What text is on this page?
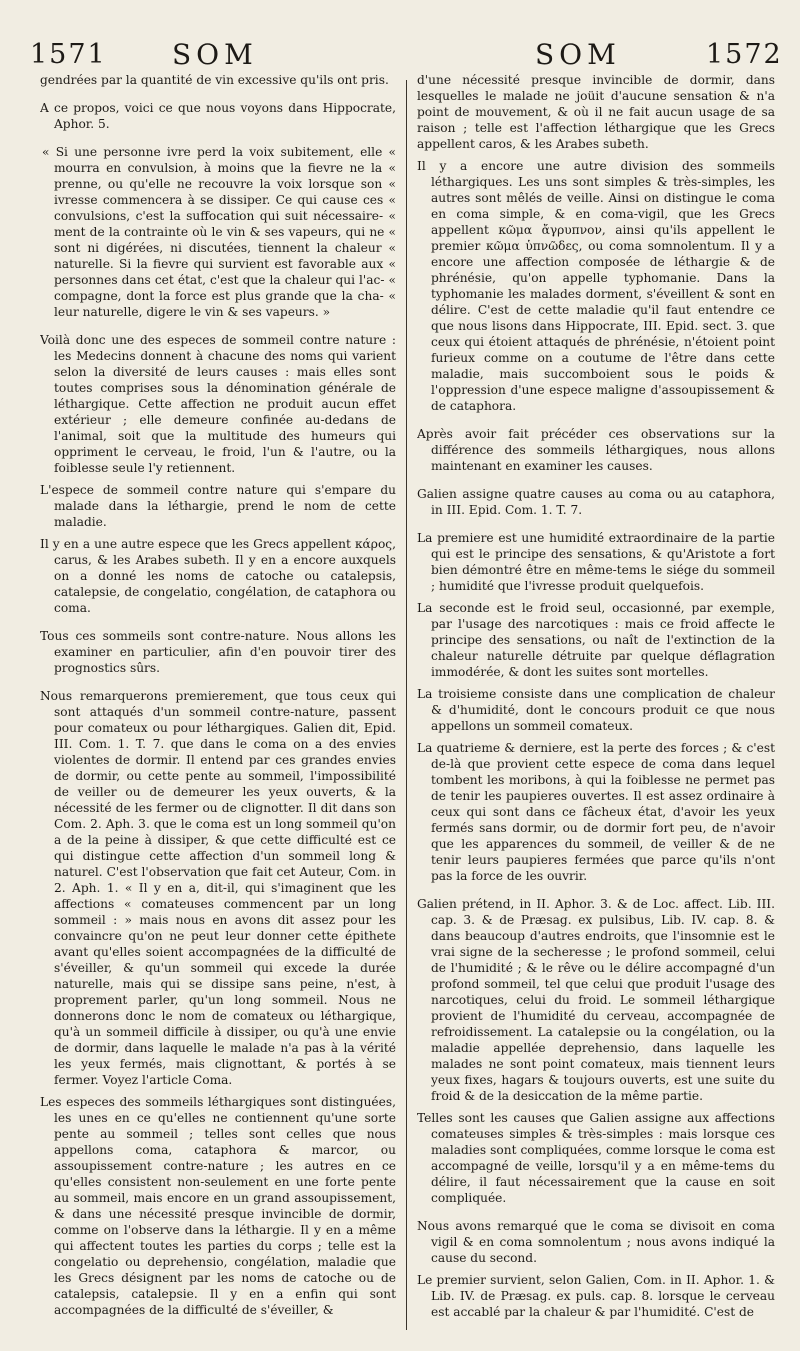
1571 SOM	SOM	1572

gendrées par la quantité de vin excessive qu'ils ont pris.

A ce propos, voici ce que nous voyons dans Hippocrate, Aphor. 5.

« Si une personne ivre perd la voix subitement, elle « mourra en convulsion, à moins que la fievre ne la « prenne, ou qu'elle ne recouvre la voix lorsque son « ivresse commencera à se dissiper. Ce qui cause ces « convulsions, c'est la suffocation qui suit nécessaire- « ment de la contrainte où le vin & ses vapeurs, qui ne « sont ni digérées, ni discutées, tiennent la chaleur « naturelle. Si la fievre qui survient est favorable aux « personnes dans cet état, c'est que la chaleur qui l'ac- « compagne, dont la force est plus grande que la cha- « leur naturelle, digere le vin & ses vapeurs. »

Voilà donc une des especes de sommeil contre nature : les Medecins donnent à chacune des noms qui varient selon la diversité de leurs causes : mais elles sont toutes comprises sous la dénomination générale de léthargique. Cette affection ne produit aucun effet extérieur ; elle demeure confinée au-dedans de l'animal, soit que la multitude des humeurs qui oppriment le cerveau, le froid, l'un & l'autre, ou la foiblesse seule l'y retiennent.

L'espece de sommeil contre nature qui s'empare du malade dans la léthargie, prend le nom de cette maladie.

Il y en a une autre espece que les Grecs appellent κάρος, carus, & les Arabes subeth. Il y en a encore auxquels on a donné les noms de catoche ou catalepsis, catalepsie, de congelatio, congélation, de cataphora ou coma.

Tous ces sommeils sont contre-nature. Nous allons les examiner en particulier, afin d'en pouvoir tirer des prognostics sûrs.

Nous remarquerons premierement, que tous ceux qui sont attaqués d'un sommeil contre-nature, passent pour comateux ou pour léthargiques. Galien dit, Epid. III. Com. 1. T. 7. que dans le coma on a des envies violentes de dormir. Il entend par ces grandes envies de dormir, ou cette pente au sommeil, l'impossibilité de veiller ou de demeurer les yeux ouverts, & la nécessité de les fermer ou de clignotter. Il dit dans son Com. 2. Aph. 3. que le coma est un long sommeil qu'on a de la peine à dissiper, & que cette difficulté est ce qui distingue cette affection d'un sommeil long & naturel. C'est l'observation que fait cet Auteur, Com. in 2. Aph. 1. « Il y en a, dit-il, qui s'imaginent que les affections « comateuses commencent par un long sommeil : » mais nous en avons dit assez pour les convaincre qu'on ne peut leur donner cette épithete avant qu'elles soient accompagnées de la difficulté de s'éveiller, & qu'un sommeil qui excede la durée naturelle, mais qui se dissipe sans peine, n'est, à proprement parler, qu'un long sommeil. Nous ne donnerons donc le nom de comateux ou léthargique, qu'à un sommeil difficile à dissiper, ou qu'à une envie de dormir, dans laquelle le malade n'a pas à la vérité les yeux fermés, mais clignottant, & portés à se fermer. Voyez l'article Coma.

Les especes des sommeils léthargiques sont distinguées, les unes en ce qu'elles ne contiennent qu'une sorte pente au sommeil ; telles sont celles que nous appellons coma, cataphora & marcor, ou assoupissement contre-nature ; les autres en ce qu'elles consistent non-seulement en une forte pente au sommeil, mais encore en un grand assoupissement, & dans une nécessité presque invincible de dormir, comme on l'observe dans la léthargie. Il y en a même qui affectent toutes les parties du corps ; telle est la congelatio ou deprehensio, congélation, maladie que les Grecs désignent par les noms de catoche ou de catalepsis, catalepsie. Il y en a enfin qui sont accompagnées de la difficulté de s'éveiller, &

d'une nécessité presque invincible de dormir, dans lesquelles le malade ne joüit d'aucune sensation & n'a point de mouvement, & où il ne fait aucun usage de sa raison ; telle est l'affection léthargique que les Grecs appellent caros, & les Arabes subeth.

Il y a encore une autre division des sommeils léthargiques. Les uns sont simples & très-simples, les autres sont mêlés de veille. Ainsi on distingue le coma en coma simple, & en coma-vigil, que les Grecs appellent κῶμα ἄγρυπνον, ainsi qu'ils appellent le premier κῶμα ὑπνῶδες, ou coma somnolentum. Il y a encore une affection composée de léthargie & de phrénésie, qu'on appelle typhomanie. Dans la typhomanie les malades dorment, s'éveillent & sont en délire. C'est de cette maladie qu'il faut entendre ce que nous lisons dans Hippocrate, III. Epid. sect. 3. que ceux qui étoient attaqués de phrénésie, n'étoient point furieux comme on a coutume de l'être dans cette maladie, mais succomboient sous le poids & l'oppression d'une espece maligne d'assoupissement & de cataphora.

Après avoir fait précéder ces observations sur la différence des sommeils léthargiques, nous allons maintenant en examiner les causes.

Galien assigne quatre causes au coma ou au cataphora, in III. Epid. Com. 1. T. 7.

La premiere est une humidité extraordinaire de la partie qui est le principe des sensations, & qu'Aristote a fort bien démontré être en même-tems le siége du sommeil ; humidité que l'ivresse produit quelquefois.

La seconde est le froid seul, occasionné, par exemple, par l'usage des narcotiques : mais ce froid affecte le principe des sensations, ou naît de l'extinction de la chaleur naturelle détruite par quelque déflagration immodérée, & dont les suites sont mortelles.

La troisieme consiste dans une complication de chaleur & d'humidité, dont le concours produit ce que nous appellons un sommeil comateux.

La quatrieme & derniere, est la perte des forces ; & c'est de-là que provient cette espece de coma dans lequel tombent les moribons, à qui la foiblesse ne permet pas de tenir les paupieres ouvertes. Il est assez ordinaire à ceux qui sont dans ce fâcheux état, d'avoir les yeux fermés sans dormir, ou de dormir fort peu, de n'avoir que les apparences du sommeil, de veiller & de ne tenir leurs paupieres fermées que parce qu'ils n'ont pas la force de les ouvrir.

Galien prétend, in II. Aphor. 3. & de Loc. affect. Lib. III. cap. 3. & de Præsag. ex pulsibus, Lib. IV. cap. 8. & dans beaucoup d'autres endroits, que l'insomnie est le vrai signe de la secheresse ; le profond sommeil, celui de l'humidité ; & le rêve ou le délire accompagné d'un profond sommeil, tel que celui que produit l'usage des narcotiques, celui du froid. Le sommeil léthargique provient de l'humidité du cerveau, accompagnée de refroidissement. La catalepsie ou la congélation, ou la maladie appellée deprehensio, dans laquelle les malades ne sont point comateux, mais tiennent leurs yeux fixes, hagars & toujours ouverts, est une suite du froid & de la desiccation de la même partie.

Telles sont les causes que Galien assigne aux affections comateuses simples & très-simples : mais lorsque ces maladies sont compliquées, comme lorsque le coma est accompagné de veille, lorsqu'il y a en même-tems du délire, il faut nécessairement que la cause en soit compliquée.

Nous avons remarqué que le coma se divisoit en coma vigil & en coma somnolentum ; nous avons indiqué la cause du second.

Le premier survient, selon Galien, Com. in II. Aphor. 1. & Lib. IV. de Præsag. ex puls. cap. 8. lorsque le cerveau est accablé par la chaleur & par l'humidité. C'est de
